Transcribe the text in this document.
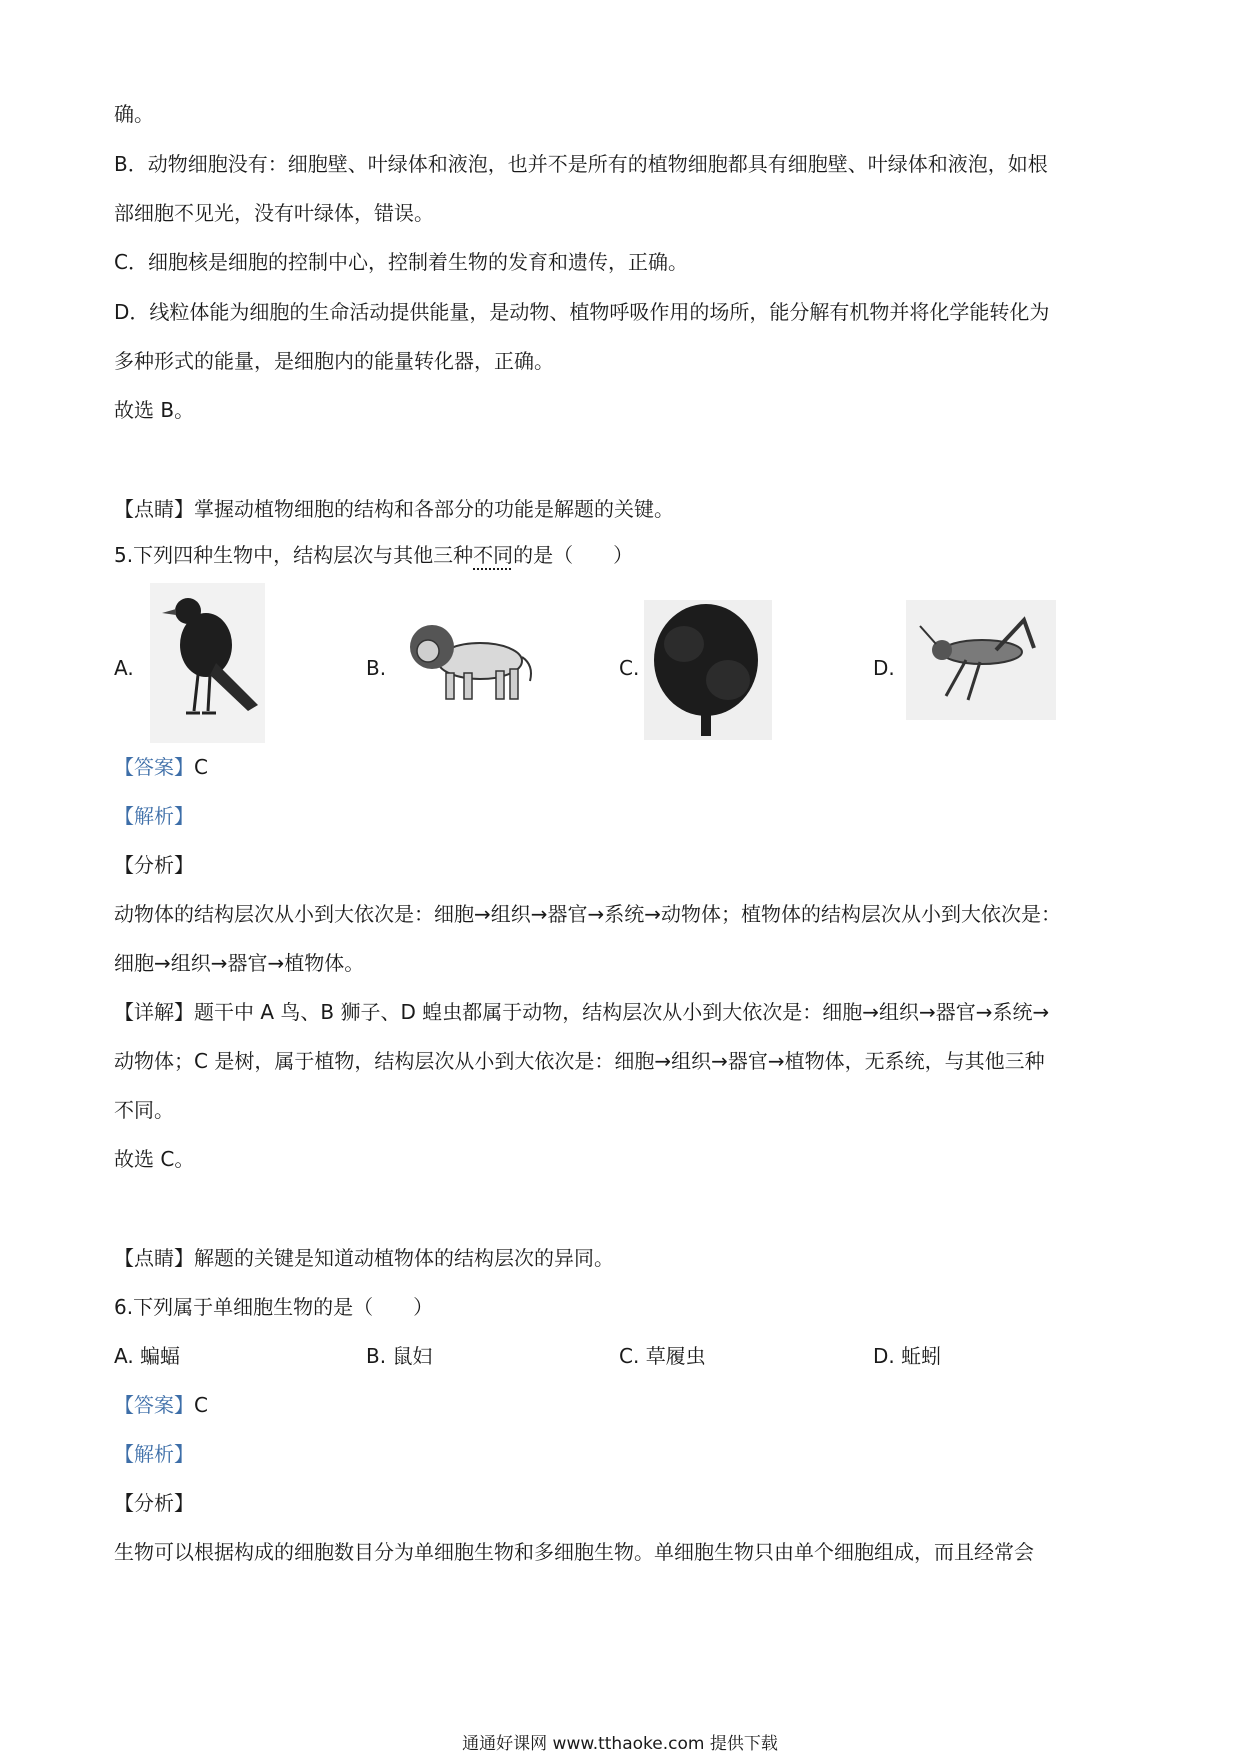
确。
B．动物细胞没有：细胞壁、叶绿体和液泡，也并不是所有的植物细胞都具有细胞壁、叶绿体和液泡，如根
部细胞不见光，没有叶绿体，错误。
C．细胞核是细胞的控制中心，控制着生物的发育和遗传，正确。
D．线粒体能为细胞的生命活动提供能量，是动物、植物呼吸作用的场所，能分解有机物并将化学能转化为
多种形式的能量，是细胞内的能量转化器，正确。
故选 B。
【点睛】掌握动植物细胞的结构和各部分的功能是解题的关键。
5.下列四种生物中，结构层次与其他三种不同的是（　　）
A.	B.	C.	D.
【答案】C
【解析】
【分析】
动物体的结构层次从小到大依次是：细胞→组织→器官→系统→动物体；植物体的结构层次从小到大依次是：
细胞→组织→器官→植物体。
【详解】题干中 A 鸟、B 狮子、D 蝗虫都属于动物，结构层次从小到大依次是：细胞→组织→器官→系统→
动物体；C 是树，属于植物，结构层次从小到大依次是：细胞→组织→器官→植物体，无系统，与其他三种
不同。
故选 C。
【点睛】解题的关键是知道动植物体的结构层次的异同。
6.下列属于单细胞生物的是（　　）
A. 蝙蝠	B. 鼠妇	C. 草履虫	D. 蚯蚓
【答案】C
【解析】
【分析】
生物可以根据构成的细胞数目分为单细胞生物和多细胞生物。单细胞生物只由单个细胞组成，而且经常会
通通好课网 www.tthaoke.com 提供下载
